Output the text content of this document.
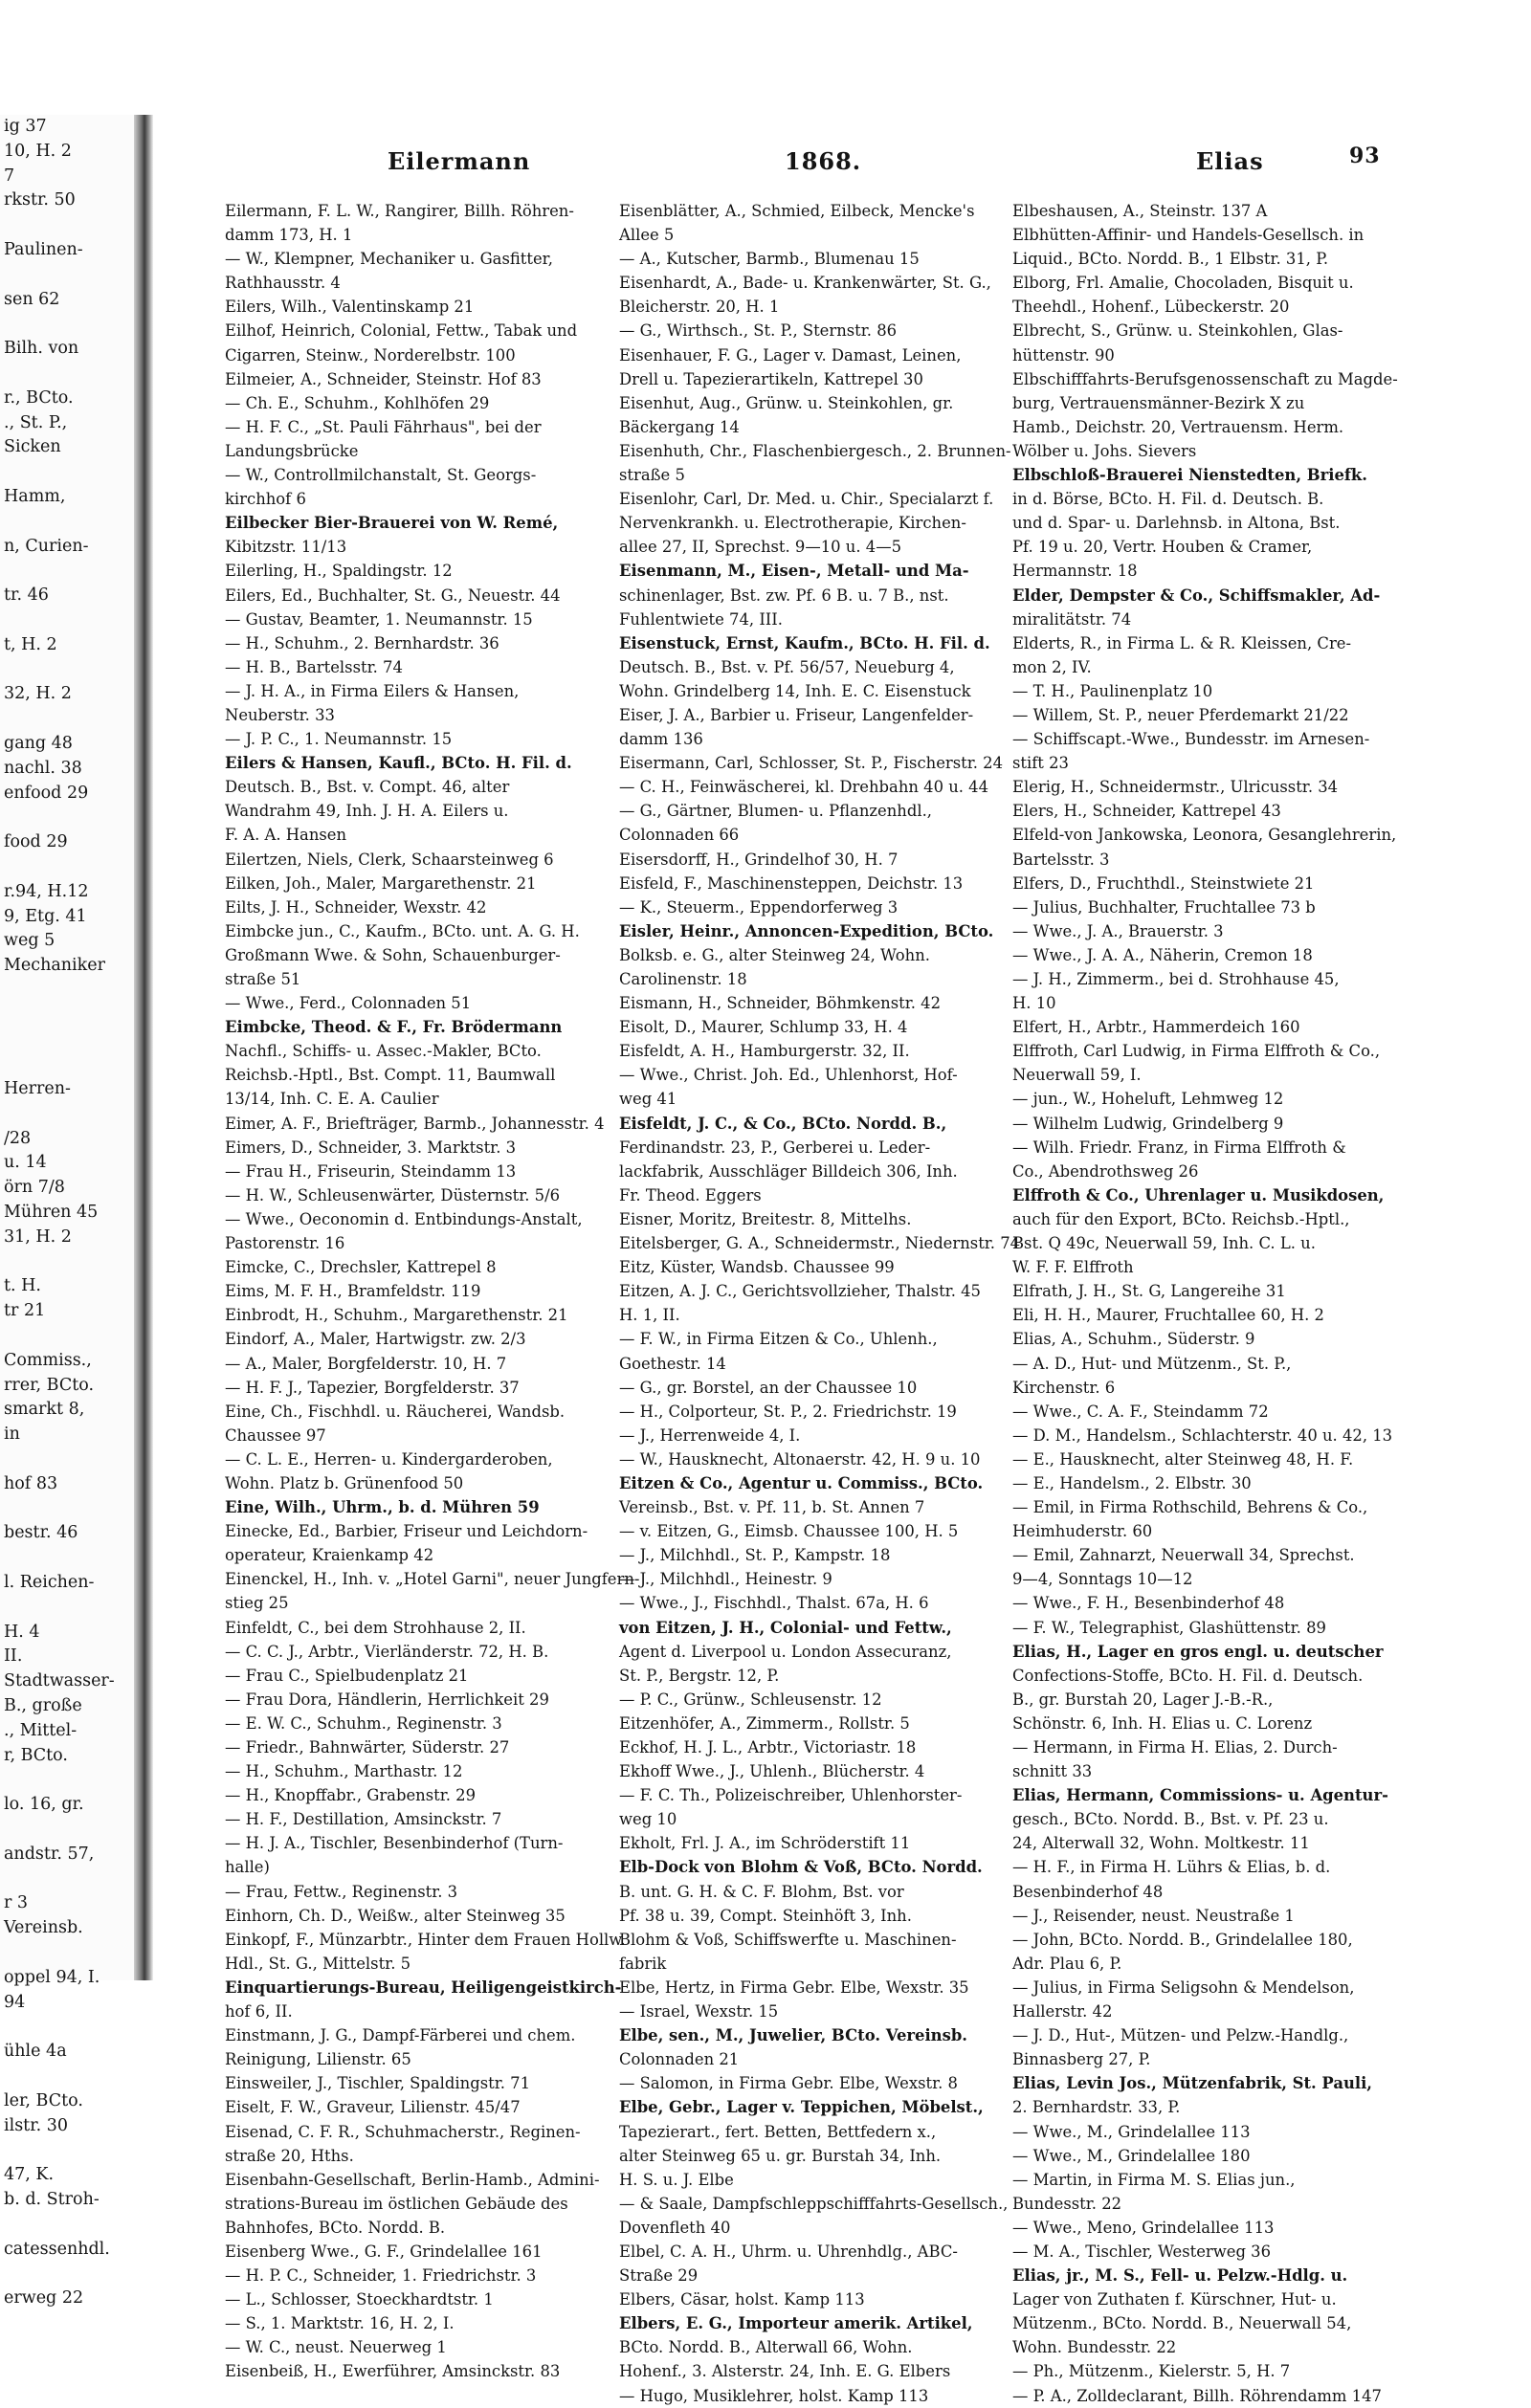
ig 37
10, H. 2
7
rkstr. 50
Paulinen-
sen 62
Bilh. von
r., BCto.
., St. P.,
Sicken
Hamm,
n, Curien-
tr. 46
t, H. 2
32, H. 2
gang 48
nachl. 38
enfood 29
food 29
r.94, H.12
9, Etg. 41
weg 5
Mechaniker
Herren-
/28
u. 14
örn 7/8
Mühren 45
31, H. 2
t. H.
tr 21
Commiss.,
rrer, BCto.
smarkt 8,
in
hof 83
bestr. 46
l. Reichen-
H. 4
II.
Stadtwasser-
B., große
., Mittel-
r, BCto.
lo. 16, gr.
andstr. 57,
r 3
Vereinsb.
oppel 94, I.
94
ühle 4a
ler, BCto.
ilstr. 30
47, K.
b. d. Stroh-
catessenhdl.
erweg 22
Eilermann	1868.	Elias	93
Eilermann, F. L. W., Rangirer, Billh. Röhren-
damm 173, H. 1
— W., Klempner, Mechaniker u. Gasfitter,
Rathhausstr. 4
Eilers, Wilh., Valentinskamp 21
Eilhof, Heinrich, Colonial, Fettw., Tabak und
Cigarren, Steinw., Norderelbstr. 100
Eilmeier, A., Schneider, Steinstr. Hof 83
— Ch. E., Schuhm., Kohlhöfen 29
— H. F. C., „St. Pauli Fährhaus", bei der
Landungsbrücke
— W., Controllmilchanstalt, St. Georgs-
kirchhof 6
Eilbecker Bier-Brauerei von W. Remé,
Kibitzstr. 11/13
Eilerling, H., Spaldingstr. 12
Eilers, Ed., Buchhalter, St. G., Neuestr. 44
— Gustav, Beamter, 1. Neumannstr. 15
— H., Schuhm., 2. Bernhardstr. 36
— H. B., Bartelsstr. 74
— J. H. A., in Firma Eilers & Hansen,
Neuberstr. 33
— J. P. C., 1. Neumannstr. 15
Eilers & Hansen, Kaufl., BCto. H. Fil. d.
Deutsch. B., Bst. v. Compt. 46, alter
Wandrahm 49, Inh. J. H. A. Eilers u.
F. A. A. Hansen
Eilertzen, Niels, Clerk, Schaarsteinweg 6
Eilken, Joh., Maler, Margarethenstr. 21
Eilts, J. H., Schneider, Wexstr. 42
Eimbcke jun., C., Kaufm., BCto. unt. A. G. H.
Großmann Wwe. & Sohn, Schauenburger-
straße 51
— Wwe., Ferd., Colonnaden 51
Eimbcke, Theod. & F., Fr. Brödermann
Nachfl., Schiffs- u. Assec.-Makler, BCto.
Reichsb.-Hptl., Bst. Compt. 11, Baumwall
13/14, Inh. C. E. A. Caulier
Eimer, A. F., Briefträger, Barmb., Johannesstr. 4
Eimers, D., Schneider, 3. Marktstr. 3
— Frau H., Friseurin, Steindamm 13
— H. W., Schleusenwärter, Düsternstr. 5/6
— Wwe., Oeconomin d. Entbindungs-Anstalt,
Pastorenstr. 16
Eimcke, C., Drechsler, Kattrepel 8
Eims, M. F. H., Bramfeldstr. 119
Einbrodt, H., Schuhm., Margarethenstr. 21
Eindorf, A., Maler, Hartwigstr. zw. 2/3
— A., Maler, Borgfelderstr. 10, H. 7
— H. F. J., Tapezier, Borgfelderstr. 37
Eine, Ch., Fischhdl. u. Räucherei, Wandsb.
Chaussee 97
— C. L. E., Herren- u. Kindergarderoben,
Wohn. Platz b. Grünenfood 50
Eine, Wilh., Uhrm., b. d. Mühren 59
Einecke, Ed., Barbier, Friseur und Leichdorn-
operateur, Kraienkamp 42
Einenckel, H., Inh. v. „Hotel Garni", neuer Jungfern-
stieg 25
Einfeldt, C., bei dem Strohhause 2, II.
— C. C. J., Arbtr., Vierländerstr. 72, H. B.
— Frau C., Spielbudenplatz 21
— Frau Dora, Händlerin, Herrlichkeit 29
— E. W. C., Schuhm., Reginenstr. 3
— Friedr., Bahnwärter, Süderstr. 27
— H., Schuhm., Marthastr. 12
— H., Knopffabr., Grabenstr. 29
— H. F., Destillation, Amsinckstr. 7
— H. J. A., Tischler, Besenbinderhof (Turn-
halle)
— Frau, Fettw., Reginenstr. 3
Einhorn, Ch. D., Weißw., alter Steinweg 35
Einkopf, F., Münzarbtr., Hinter dem Frauen Hollw.
Hdl., St. G., Mittelstr. 5
Einquartierungs-Bureau, Heiligengeistkirch-
hof 6, II.
Einstmann, J. G., Dampf-Färberei und chem.
Reinigung, Lilienstr. 65
Einsweiler, J., Tischler, Spaldingstr. 71
Eiselt, F. W., Graveur, Lilienstr. 45/47
Eisenad, C. F. R., Schuhmacherstr., Reginen-
straße 20, Hths.
Eisenbahn-Gesellschaft, Berlin-Hamb., Admini-
strations-Bureau im östlichen Gebäude des
Bahnhofes, BCto. Nordd. B.
Eisenberg Wwe., G. F., Grindelallee 161
— H. P. C., Schneider, 1. Friedrichstr. 3
— L., Schlosser, Stoeckhardtstr. 1
— S., 1. Marktstr. 16, H. 2, I.
— W. C., neust. Neuerweg 1
Eisenbeiß, H., Ewerführer, Amsinckstr. 83
Eisenblätter, A., Schmied, Eilbeck, Mencke's
Allee 5
— A., Kutscher, Barmb., Blumenau 15
Eisenhardt, A., Bade- u. Krankenwärter, St. G.,
Bleicherstr. 20, H. 1
— G., Wirthsch., St. P., Sternstr. 86
Eisenhauer, F. G., Lager v. Damast, Leinen,
Drell u. Tapezierartikeln, Kattrepel 30
Eisenhut, Aug., Grünw. u. Steinkohlen, gr.
Bäckergang 14
Eisenhuth, Chr., Flaschenbiergesch., 2. Brunnen-
straße 5
Eisenlohr, Carl, Dr. Med. u. Chir., Specialarzt f.
Nervenkrankh. u. Electrotherapie, Kirchen-
allee 27, II, Sprechst. 9—10 u. 4—5
Eisenmann, M., Eisen-, Metall- und Ma-
schinenlager, Bst. zw. Pf. 6 B. u. 7 B., nst.
Fuhlentwiete 74, III.
Eisenstuck, Ernst, Kaufm., BCto. H. Fil. d.
Deutsch. B., Bst. v. Pf. 56/57, Neueburg 4,
Wohn. Grindelberg 14, Inh. E. C. Eisenstuck
Eiser, J. A., Barbier u. Friseur, Langenfelder-
damm 136
Eisermann, Carl, Schlosser, St. P., Fischerstr. 24
— C. H., Feinwäscherei, kl. Drehbahn 40 u. 44
— G., Gärtner, Blumen- u. Pflanzenhdl.,
Colonnaden 66
Eisersdorff, H., Grindelhof 30, H. 7
Eisfeld, F., Maschinensteppen, Deichstr. 13
— K., Steuerm., Eppendorferweg 3
Eisler, Heinr., Annoncen-Expedition, BCto.
Bolksb. e. G., alter Steinweg 24, Wohn.
Carolinenstr. 18
Eismann, H., Schneider, Böhmkenstr. 42
Eisolt, D., Maurer, Schlump 33, H. 4
Eisfeldt, A. H., Hamburgerstr. 32, II.
— Wwe., Christ. Joh. Ed., Uhlenhorst, Hof-
weg 41
Eisfeldt, J. C., & Co., BCto. Nordd. B.,
Ferdinandstr. 23, P., Gerberei u. Leder-
lackfabrik, Ausschläger Billdeich 306, Inh.
Fr. Theod. Eggers
Eisner, Moritz, Breitestr. 8, Mittelhs.
Eitelsberger, G. A., Schneidermstr., Niedernstr. 74
Eitz, Küster, Wandsb. Chaussee 99
Eitzen, A. J. C., Gerichtsvollzieher, Thalstr. 45
H. 1, II.
— F. W., in Firma Eitzen & Co., Uhlenh.,
Goethestr. 14
— G., gr. Borstel, an der Chaussee 10
— H., Colporteur, St. P., 2. Friedrichstr. 19
— J., Herrenweide 4, I.
— W., Hausknecht, Altonaerstr. 42, H. 9 u. 10
Eitzen & Co., Agentur u. Commiss., BCto.
Vereinsb., Bst. v. Pf. 11, b. St. Annen 7
— v. Eitzen, G., Eimsb. Chaussee 100, H. 5
— J., Milchhdl., St. P., Kampstr. 18
— J., Milchhdl., Heinestr. 9
— Wwe., J., Fischhdl., Thalst. 67a, H. 6
von Eitzen, J. H., Colonial- und Fettw.,
Agent d. Liverpool u. London Assecuranz,
St. P., Bergstr. 12, P.
— P. C., Grünw., Schleusenstr. 12
Eitzenhöfer, A., Zimmerm., Rollstr. 5
Eckhof, H. J. L., Arbtr., Victoriastr. 18
Ekhoff Wwe., J., Uhlenh., Blücherstr. 4
— F. C. Th., Polizeischreiber, Uhlenhorster-
weg 10
Ekholt, Frl. J. A., im Schröderstift 11
Elb-Dock von Blohm & Voß, BCto. Nordd.
B. unt. G. H. & C. F. Blohm, Bst. vor
Pf. 38 u. 39, Compt. Steinhöft 3, Inh.
Blohm & Voß, Schiffswerfte u. Maschinen-
fabrik
Elbe, Hertz, in Firma Gebr. Elbe, Wexstr. 35
— Israel, Wexstr. 15
Elbe, sen., M., Juwelier, BCto. Vereinsb.
Colonnaden 21
— Salomon, in Firma Gebr. Elbe, Wexstr. 8
Elbe, Gebr., Lager v. Teppichen, Möbelst.,
Tapezierart., fert. Betten, Bettfedern x.,
alter Steinweg 65 u. gr. Burstah 34, Inh.
H. S. u. J. Elbe
— & Saale, Dampfschleppschifffahrts-Gesellsch.,
Dovenfleth 40
Elbel, C. A. H., Uhrm. u. Uhrenhdlg., ABC-
Straße 29
Elbers, Cäsar, holst. Kamp 113
Elbers, E. G., Importeur amerik. Artikel,
BCto. Nordd. B., Alterwall 66, Wohn.
Hohenf., 3. Alsterstr. 24, Inh. E. G. Elbers
— Hugo, Musiklehrer, holst. Kamp 113
Elbeshausen, A., Steinstr. 137 A
Elbhütten-Affinir- und Handels-Gesellsch. in
Liquid., BCto. Nordd. B., 1 Elbstr. 31, P.
Elborg, Frl. Amalie, Chocoladen, Bisquit u.
Theehdl., Hohenf., Lübeckerstr. 20
Elbrecht, S., Grünw. u. Steinkohlen, Glas-
hüttenstr. 90
Elbschifffahrts-Berufsgenossenschaft zu Magde-
burg, Vertrauensmänner-Bezirk X zu
Hamb., Deichstr. 20, Vertrauensm. Herm.
Wölber u. Johs. Sievers
Elbschloß-Brauerei Nienstedten, Briefk.
in d. Börse, BCto. H. Fil. d. Deutsch. B.
und d. Spar- u. Darlehnsb. in Altona, Bst.
Pf. 19 u. 20, Vertr. Houben & Cramer,
Hermannstr. 18
Elder, Dempster & Co., Schiffsmakler, Ad-
miralitätstr. 74
Elderts, R., in Firma L. & R. Kleissen, Cre-
mon 2, IV.
— T. H., Paulinenplatz 10
— Willem, St. P., neuer Pferdemarkt 21/22
— Schiffscapt.-Wwe., Bundesstr. im Arnesen-
stift 23
Elerig, H., Schneidermstr., Ulricusstr. 34
Elers, H., Schneider, Kattrepel 43
Elfeld-von Jankowska, Leonora, Gesanglehrerin,
Bartelsstr. 3
Elfers, D., Fruchthdl., Steinstwiete 21
— Julius, Buchhalter, Fruchtallee 73 b
— Wwe., J. A., Brauerstr. 3
— Wwe., J. A. A., Näherin, Cremon 18
— J. H., Zimmerm., bei d. Strohhause 45,
H. 10
Elfert, H., Arbtr., Hammerdeich 160
Elffroth, Carl Ludwig, in Firma Elffroth & Co.,
Neuerwall 59, I.
— jun., W., Hoheluft, Lehmweg 12
— Wilhelm Ludwig, Grindelberg 9
— Wilh. Friedr. Franz, in Firma Elffroth &
Co., Abendrothsweg 26
Elffroth & Co., Uhrenlager u. Musikdosen,
auch für den Export, BCto. Reichsb.-Hptl.,
Bst. Q 49c, Neuerwall 59, Inh. C. L. u.
W. F. F. Elffroth
Elfrath, J. H., St. G, Langereihe 31
Eli, H. H., Maurer, Fruchtallee 60, H. 2
Elias, A., Schuhm., Süderstr. 9
— A. D., Hut- und Mützenm., St. P.,
Kirchenstr. 6
— Wwe., C. A. F., Steindamm 72
— D. M., Handelsm., Schlachterstr. 40 u. 42, 13
— E., Hausknecht, alter Steinweg 48, H. F.
— E., Handelsm., 2. Elbstr. 30
— Emil, in Firma Rothschild, Behrens & Co.,
Heimhuderstr. 60
— Emil, Zahnarzt, Neuerwall 34, Sprechst.
9—4, Sonntags 10—12
— Wwe., F. H., Besenbinderhof 48
— F. W., Telegraphist, Glashüttenstr. 89
Elias, H., Lager en gros engl. u. deutscher
Confections-Stoffe, BCto. H. Fil. d. Deutsch.
B., gr. Burstah 20, Lager J.-B.-R.,
Schönstr. 6, Inh. H. Elias u. C. Lorenz
— Hermann, in Firma H. Elias, 2. Durch-
schnitt 33
Elias, Hermann, Commissions- u. Agentur-
gesch., BCto. Nordd. B., Bst. v. Pf. 23 u.
24, Alterwall 32, Wohn. Moltkestr. 11
— H. F., in Firma H. Lührs & Elias, b. d.
Besenbinderhof 48
— J., Reisender, neust. Neustraße 1
— John, BCto. Nordd. B., Grindelallee 180,
Adr. Plau 6, P.
— Julius, in Firma Seligsohn & Mendelson,
Hallerstr. 42
— J. D., Hut-, Mützen- und Pelzw.-Handlg.,
Binnasberg 27, P.
Elias, Levin Jos., Mützenfabrik, St. Pauli,
2. Bernhardstr. 33, P.
— Wwe., M., Grindelallee 113
— Wwe., M., Grindelallee 180
— Martin, in Firma M. S. Elias jun.,
Bundesstr. 22
— Wwe., Meno, Grindelallee 113
— M. A., Tischler, Westerweg 36
Elias, jr., M. S., Fell- u. Pelzw.-Hdlg. u.
Lager von Zuthaten f. Kürschner, Hut- u.
Mützenm., BCto. Nordd. B., Neuerwall 54,
Wohn. Bundesstr. 22
— Ph., Mützenm., Kielerstr. 5, H. 7
— P. A., Zolldeclarant, Billh. Röhrendamm 147
